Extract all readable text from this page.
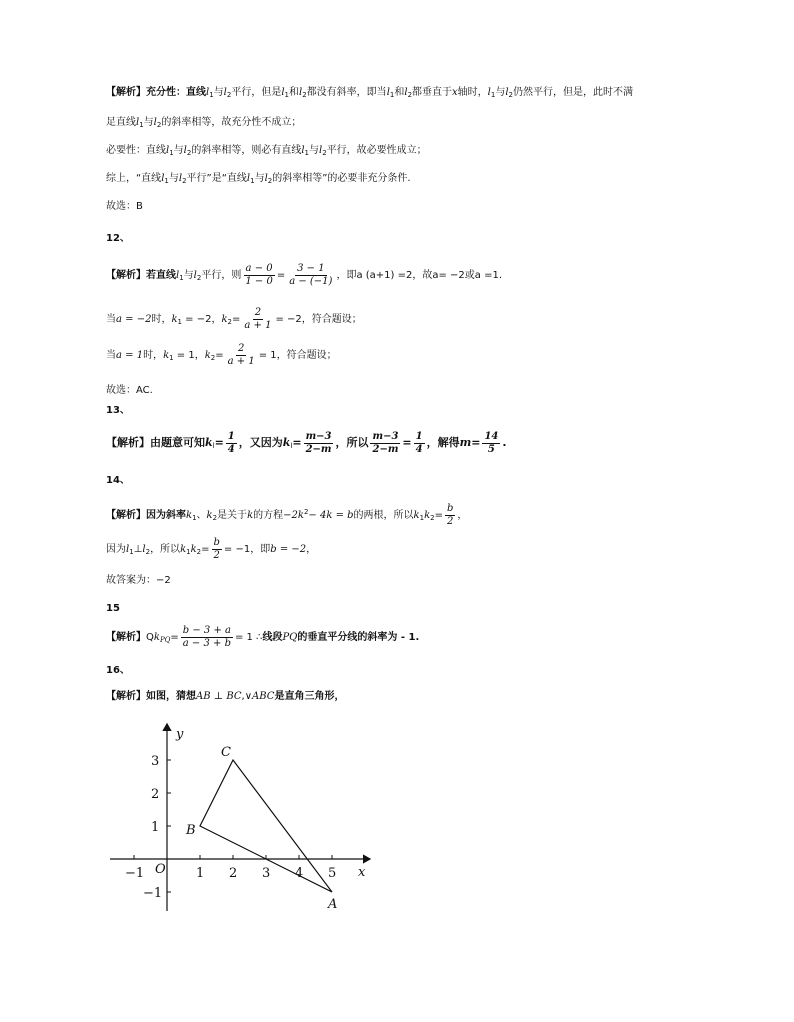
【解析】充分性：直线$l_1$与$l_2$平行，但是$l_1$和$l_2$都没有斜率，即当$l_1$和$l_2$都垂直于x轴时，$l_1$与$l_2$仍然平行，但是，此时不满
足直线$l_1$与$l_2$的斜率相等，故充分性不成立；
必要性：直线$l_1$与$l_2$的斜率相等，则必有直线$l_1$与$l_2$平行，故必要性成立；
综上，“直线$l_1$与$l_2$平行”是“直线$l_1$与$l_2$的斜率相等”的必要非充分条件.
故选：B
12、
【解析】若直线$l_1$与$l_2$平行，则 $\frac{a - 0}{1 - 0} = \frac{3 - 1}{a - (-1)}$ ，即a (a+1) =2，故a= −2或a =1.
当a = −2时，$k_1 = -2$，$k_2= \frac{2}{a + 1} = -2$，符合题设；
当a = 1时，$k_1 = 1$，$k_2= \frac{2}{a + 1} = 1$，符合题设；
故选：AC.
13、
【解析】由题意可知$k_l= \frac{1}{4}$ ，又因为$k_l= \frac{m-3}{2-m}$ ，所以 $\frac{m-3}{2-m} = \frac{1}{4}$ ，解得$m= \frac{14}{5}$ .
14、
【解析】因为斜率$k_1$、$k_2$是关于k的方程$-2k^2- 4k = b$的两根，所以$k_1k_2= \frac{b}{2}$ ，
因为$l_1\perp l_2$，所以$k_1k_2= \frac{b}{2} = -1$，即b = −2，
故答案为：−2
15
【解析】$Qk_{PQ}= \frac{b - 3 + a}{a - 3 + b} = 1$ ∴线段PQ的垂直平分线的斜率为 - 1.
16、
【解析】如图，猜想AB ⊥ BC,∨ABC是直角三角形，
y
x
O
−1	1 2 3 4 5
3
2
1
−1
A
B
C
